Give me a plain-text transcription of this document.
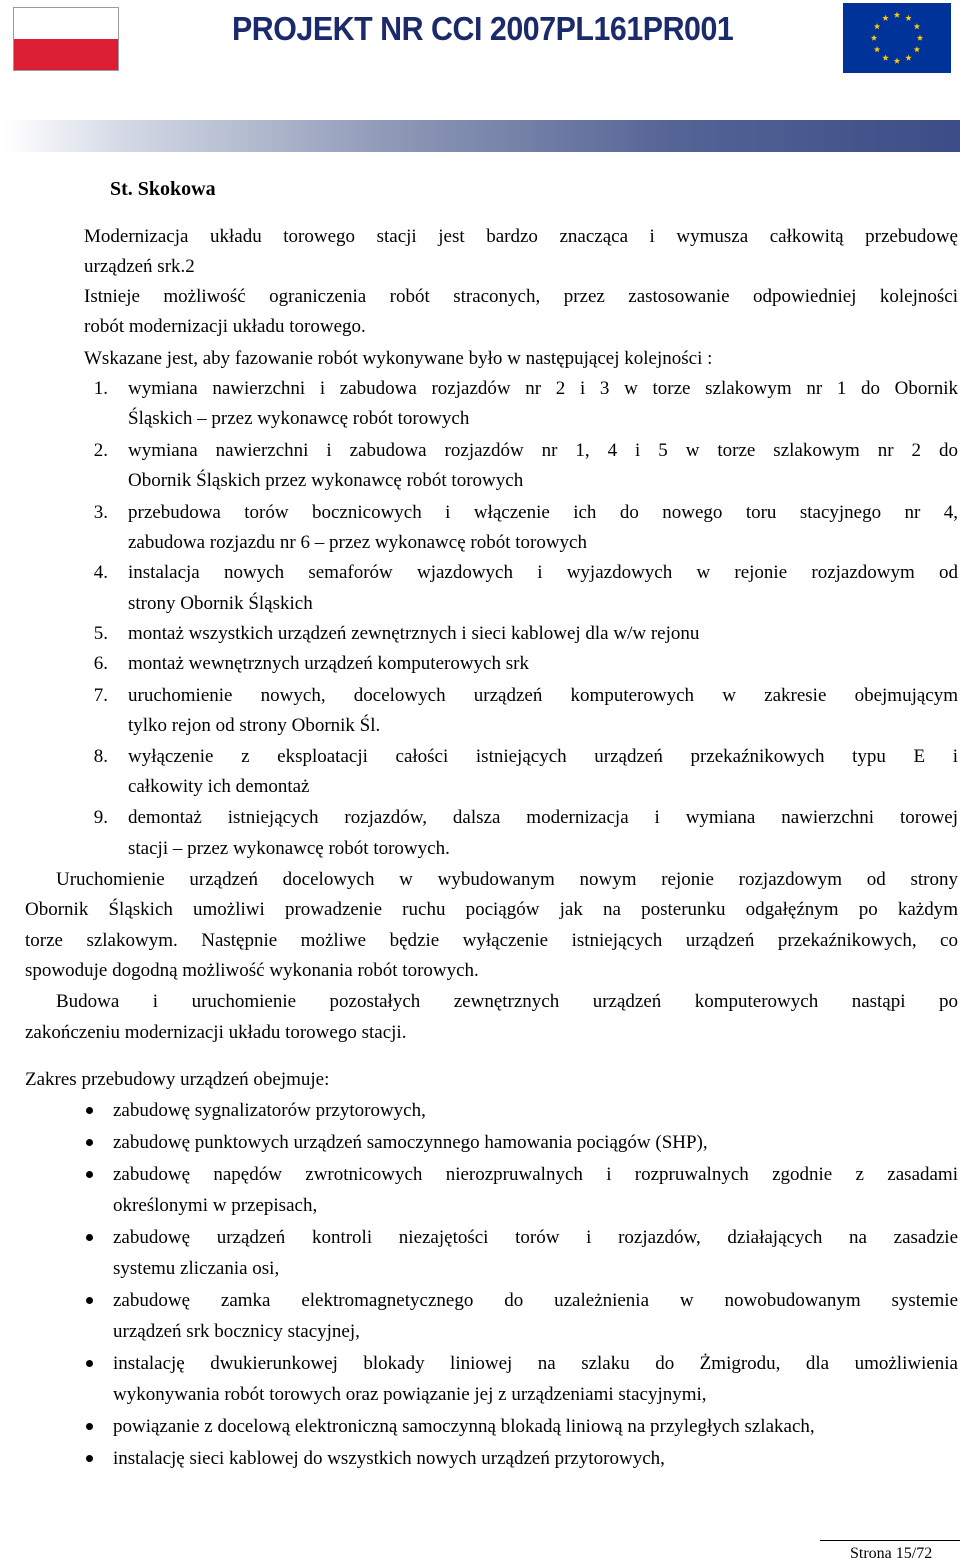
PROJEKT NR CCI 2007PL161PR001
St. Skokowa
Modernizacja układu torowego stacji jest bardzo znacząca i wymusza całkowitą przebudowę
urządzeń srk.2
Istnieje możliwość ograniczenia robót straconych, przez zastosowanie odpowiedniej kolejności
robót modernizacji układu torowego.
Wskazane jest, aby fazowanie robót wykonywane było w następującej kolejności :
1. wymiana nawierzchni i zabudowa rozjazdów nr 2 i 3 w torze szlakowym nr 1 do Obornik
Śląskich – przez wykonawcę robót torowych
2. wymiana nawierzchni i zabudowa rozjazdów nr 1, 4 i 5 w torze szlakowym nr 2 do
Obornik Śląskich przez wykonawcę robót torowych
3. przebudowa torów bocznicowych i włączenie ich do nowego toru stacyjnego nr 4,
zabudowa rozjazdu nr 6 – przez wykonawcę robót torowych
4. instalacja nowych semaforów wjazdowych i wyjazdowych w rejonie rozjazdowym od
strony Obornik Śląskich
5. montaż wszystkich urządzeń zewnętrznych i sieci kablowej dla w/w rejonu
6. montaż wewnętrznych urządzeń komputerowych srk
7. uruchomienie nowych, docelowych urządzeń komputerowych w zakresie obejmującym
tylko rejon od strony Obornik Śl.
8. wyłączenie z eksploatacji całości istniejących urządzeń przekaźnikowych typu E i
całkowity ich demontaż
9. demontaż istniejących rozjazdów, dalsza modernizacja i wymiana nawierzchni torowej
stacji – przez wykonawcę robót torowych.
Uruchomienie urządzeń docelowych w wybudowanym nowym rejonie rozjazdowym od strony
Obornik Śląskich umożliwi prowadzenie ruchu pociągów jak na posterunku odgałęźnym po każdym
torze szlakowym. Następnie możliwe będzie wyłączenie istniejących urządzeń przekaźnikowych, co
spowoduje dogodną możliwość wykonania robót torowych.
Budowa i uruchomienie pozostałych zewnętrznych urządzeń komputerowych nastąpi po
zakończeniu modernizacji układu torowego stacji.
Zakres przebudowy urządzeń obejmuje:
zabudowę sygnalizatorów przytorowych,
zabudowę punktowych urządzeń samoczynnego hamowania pociągów (SHP),
zabudowę napędów zwrotnicowych nierozpruwalnych i rozpruwalnych zgodnie z zasadami
określonymi w przepisach,
zabudowę urządzeń kontroli niezajętości torów i rozjazdów, działających na zasadzie
systemu zliczania osi,
zabudowę zamka elektromagnetycznego do uzależnienia w nowobudowanym systemie
urządzeń srk bocznicy stacyjnej,
instalację dwukierunkowej blokady liniowej na szlaku do Żmigrodu, dla umożliwienia
wykonywania robót torowych oraz powiązanie jej z urządzeniami stacyjnymi,
powiązanie z docelową elektroniczną samoczynną blokadą liniową na przyległych szlakach,
instalację sieci kablowej do wszystkich nowych urządzeń przytorowych,
Strona 15/72
